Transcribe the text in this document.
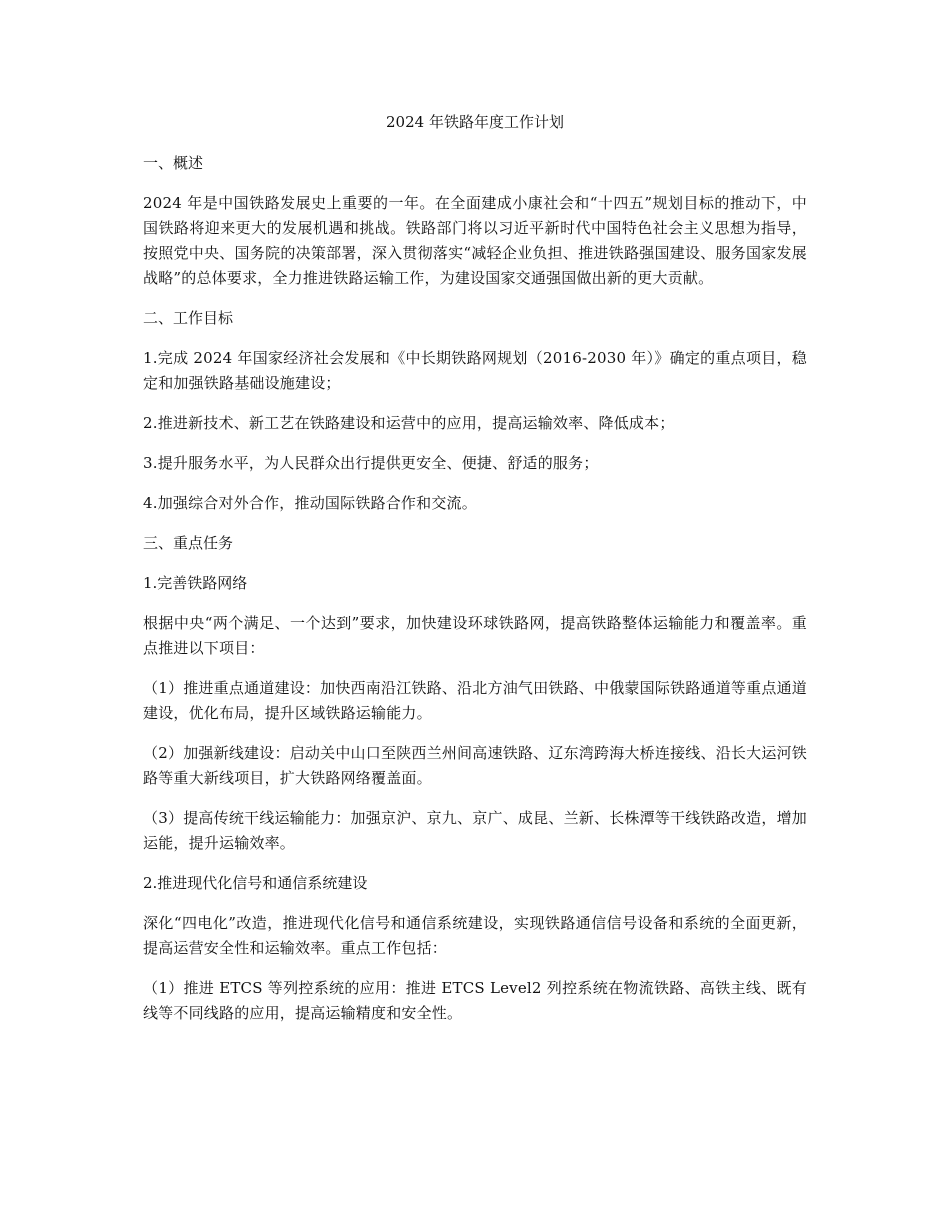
2024 年铁路年度工作计划
一、概述

2024 年是中国铁路发展史上重要的一年。在全面建成小康社会和“十四五”规划目标的推动下，中国铁路将迎来更大的发展机遇和挑战。铁路部门将以习近平新时代中国特色社会主义思想为指导，按照党中央、国务院的决策部署，深入贯彻落实“减轻企业负担、推进铁路强国建设、服务国家发展战略”的总体要求，全力推进铁路运输工作，为建设国家交通强国做出新的更大贡献。

二、工作目标

1.完成 2024 年国家经济社会发展和《中长期铁路网规划（2016-2030 年）》确定的重点项目，稳定和加强铁路基础设施建设；

2.推进新技术、新工艺在铁路建设和运营中的应用，提高运输效率、降低成本；

3.提升服务水平，为人民群众出行提供更安全、便捷、舒适的服务；

4.加强综合对外合作，推动国际铁路合作和交流。

三、重点任务
1.完善铁路网络

根据中央“两个满足、一个达到”要求，加快建设环球铁路网，提高铁路整体运输能力和覆盖率。重点推进以下项目：

（1）推进重点通道建设：加快西南沿江铁路、沿北方油气田铁路、中俄蒙国际铁路通道等重点通道建设，优化布局，提升区域铁路运输能力。

（2）加强新线建设：启动关中山口至陕西兰州间高速铁路、辽东湾跨海大桥连接线、沿长大运河铁路等重大新线项目，扩大铁路网络覆盖面。

（3）提高传统干线运输能力：加强京沪、京九、京广、成昆、兰新、长株潭等干线铁路改造，增加运能，提升运输效率。

2.推进现代化信号和通信系统建设

深化“四电化”改造，推进现代化信号和通信系统建设，实现铁路通信信号设备和系统的全面更新，提高运营安全性和运输效率。重点工作包括：

（1）推进 ETCS 等列控系统的应用：推进 ETCS Level2 列控系统在物流铁路、高铁主线、既有线等不同线路的应用，提高运输精度和安全性。
